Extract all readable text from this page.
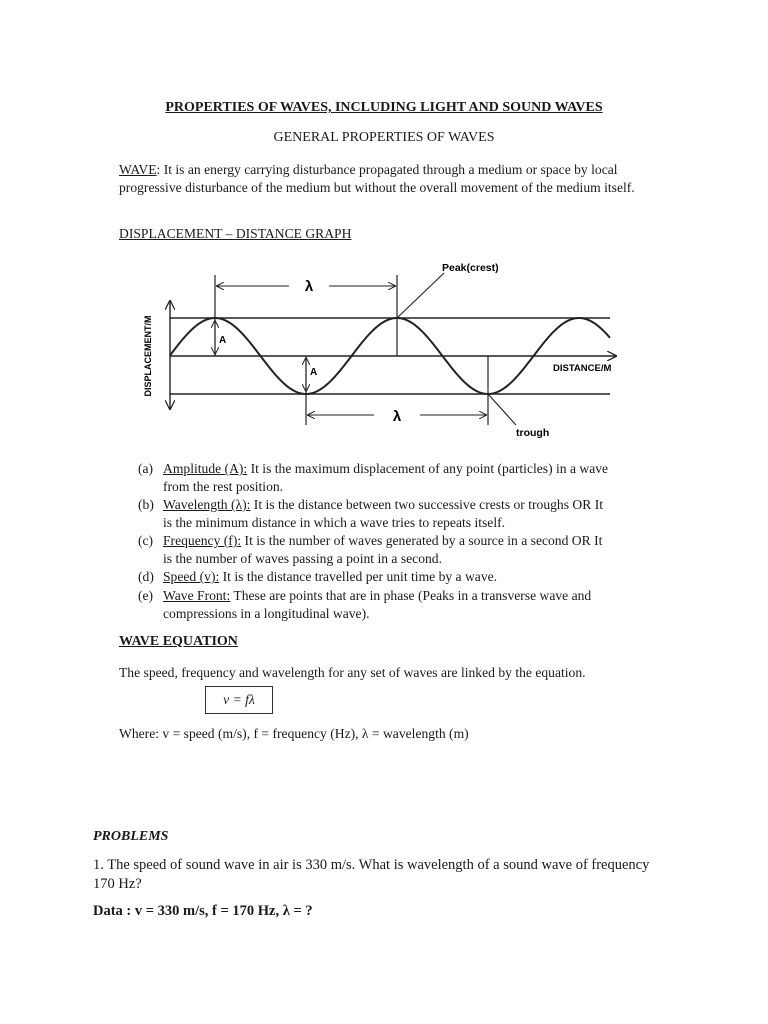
PROPERTIES OF WAVES, INCLUDING LIGHT AND SOUND WAVES
GENERAL PROPERTIES OF WAVES
WAVE: It is an energy carrying disturbance propagated through a medium or space by local progressive disturbance of the medium but without the overall movement of the medium itself.
DISPLACEMENT – DISTANCE GRAPH
A
A
λ
λ
Peak(crest)
trough
DISTANCE/M
DISPLACEMENT/M
(a) Amplitude (A): It is the maximum displacement of any point (particles) in a wave
from the rest position.
(b) Wavelength (λ): It is the distance between two successive crests or troughs OR It
is the minimum distance in which a wave tries to repeats itself.
(c) Frequency (f): It is the number of waves generated by a source in a second OR It
is the number of waves passing a point in a second.
(d) Speed (v): It is the distance travelled per unit time by a wave.
(e) Wave Front: These are points that are in phase (Peaks in a transverse wave and
compressions in a longitudinal wave).
WAVE EQUATION
The speed, frequency and wavelength for any set of waves are linked by the equation.
v = fλ
Where: v = speed (m/s), f = frequency (Hz), λ = wavelength (m)
PROBLEMS
1. The speed of sound wave in air is 330 m/s. What is wavelength of a sound wave of frequency 170 Hz?
Data : v = 330 m/s, f = 170 Hz, λ = ?
